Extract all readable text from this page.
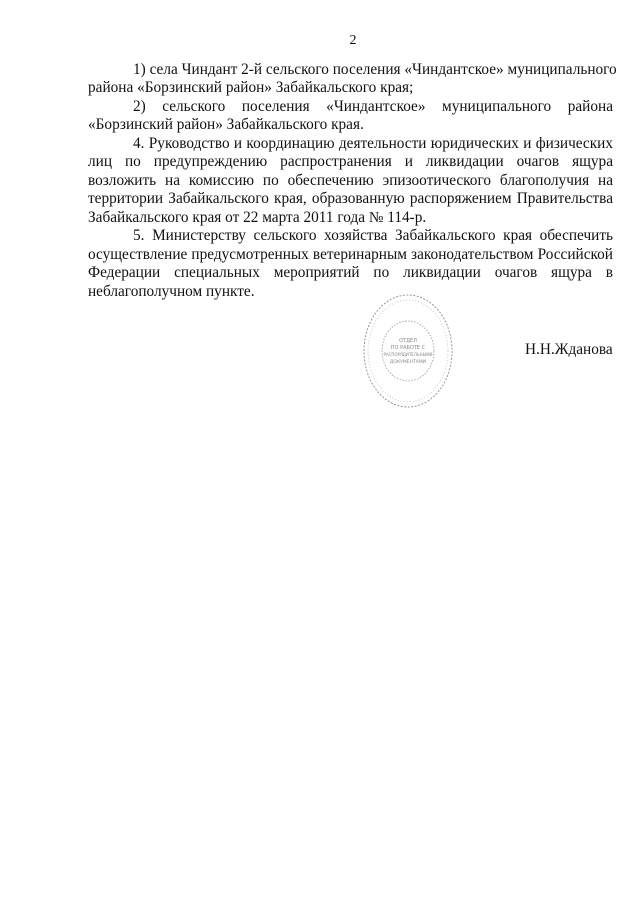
2
1) села Чиндант 2-й сельского поселения «Чиндантское» муниципального
района «Борзинский район» Забайкальского края;
2) сельского поселения «Чиндантское» муниципального района
«Борзинский район» Забайкальского края.
4. Руководство и координацию деятельности юридических и физических
лиц по предупреждению распространения и ликвидации очагов ящура
возложить на комиссию по обеспечению эпизоотического благополучия на
территории Забайкальского края, образованную распоряжением Правительства
Забайкальского края от 22 марта 2011 года № 114-р.
5. Министерству сельского хозяйства Забайкальского края обеспечить
осуществление предусмотренных ветеринарным законодательством Российской
Федерации специальных мероприятий по ликвидации очагов ящура в
неблагополучном пункте.
ОТДЕЛ
ПО РАБОТЕ С
РАСПОРЯДИТЕЛЬНЫМИ
ДОКУМЕНТАМИ
Н.Н.Жданова
